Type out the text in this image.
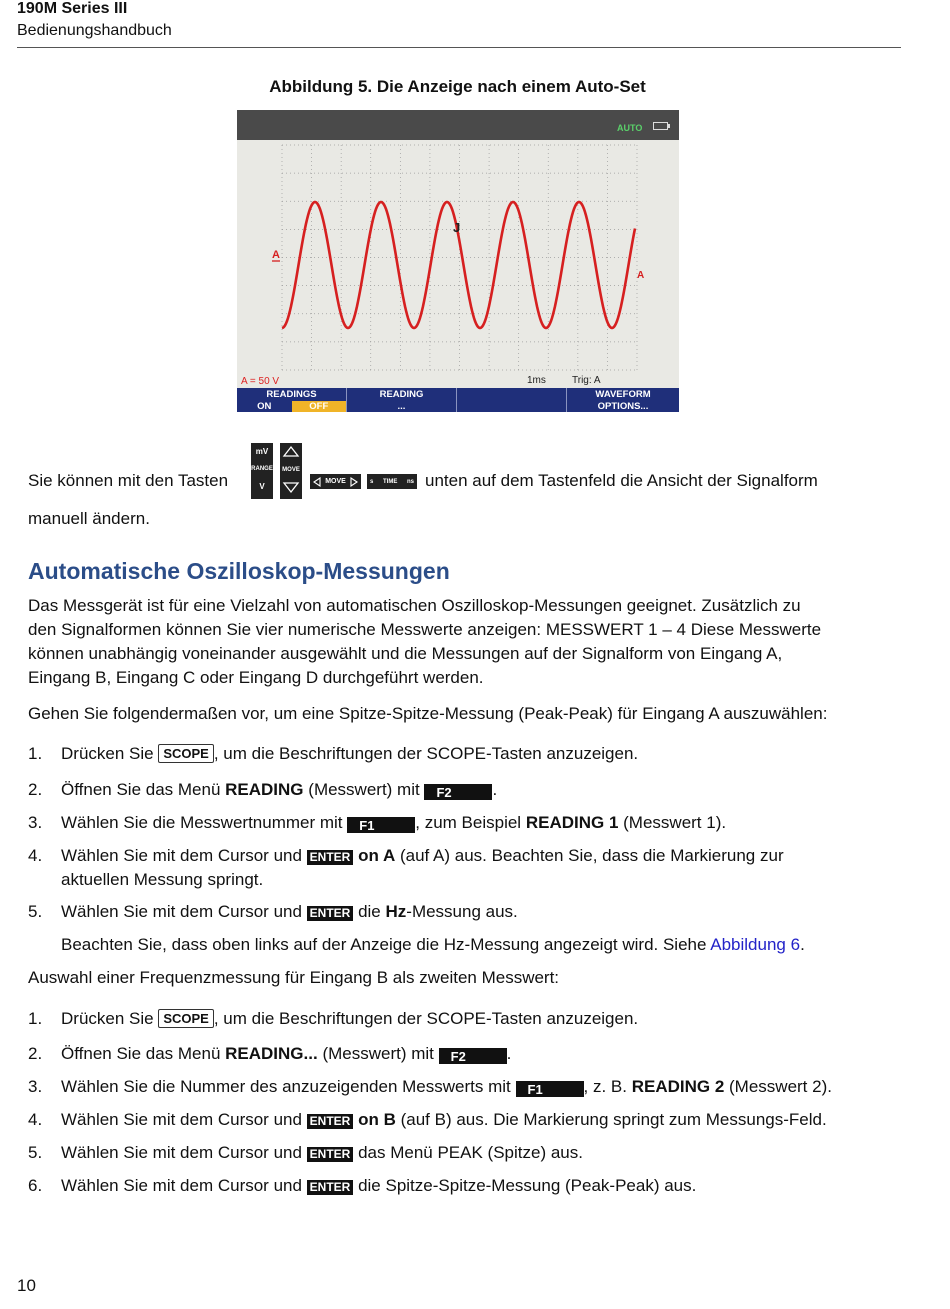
190M Series III
Bedienungshandbuch
Abbildung 5. Die Anzeige nach einem Auto-Set
AUTO
A
A
J
A = 50 V	1ms	Trig: A
READINGS
ON	OFF
READING
...
WAVEFORM
OPTIONS...
Sie können mit den Tasten
mV
RANGE
V
MOVE
MOVE	s TIME ns unten auf dem Tastenfeld die Ansicht der Signalform
manuell ändern.
Automatische Oszilloskop-Messungen
Das Messgerät ist für eine Vielzahl von automatischen Oszilloskop-Messungen geeignet. Zusätzlich zu
den Signalformen können Sie vier numerische Messwerte anzeigen: MESSWERT 1 – 4 Diese Messwerte
können unabhängig voneinander ausgewählt und die Messungen auf der Signalform von Eingang A,
Eingang B, Eingang C oder Eingang D durchgeführt werden.
Gehen Sie folgendermaßen vor, um eine Spitze-Spitze-Messung (Peak-Peak) für Eingang A auszuwählen:
1. Drücken Sie SCOPE , um die Beschriftungen der SCOPE-Tasten anzuzeigen.
2. Öffnen Sie das Menü READING (Messwert) mit F2 .
3. Wählen Sie die Messwertnummer mit F1 , zum Beispiel READING 1 (Messwert 1).
4. Wählen Sie mit dem Cursor und ENTER on A (auf A) aus. Beachten Sie, dass die Markierung zur
aktuellen Messung springt.
5. Wählen Sie mit dem Cursor und ENTER die Hz-Messung aus.
Beachten Sie, dass oben links auf der Anzeige die Hz-Messung angezeigt wird. Siehe Abbildung 6.
Auswahl einer Frequenzmessung für Eingang B als zweiten Messwert:
1. Drücken Sie SCOPE , um die Beschriftungen der SCOPE-Tasten anzuzeigen.
2. Öffnen Sie das Menü READING... (Messwert) mit F2 .
3. Wählen Sie die Nummer des anzuzeigenden Messwerts mit F1 , z. B. READING 2 (Messwert 2).
4. Wählen Sie mit dem Cursor und ENTER on B (auf B) aus. Die Markierung springt zum Messungs-Feld.
5. Wählen Sie mit dem Cursor und ENTER das Menü PEAK (Spitze) aus.
6. Wählen Sie mit dem Cursor und ENTER die Spitze-Spitze-Messung (Peak-Peak) aus.
10
